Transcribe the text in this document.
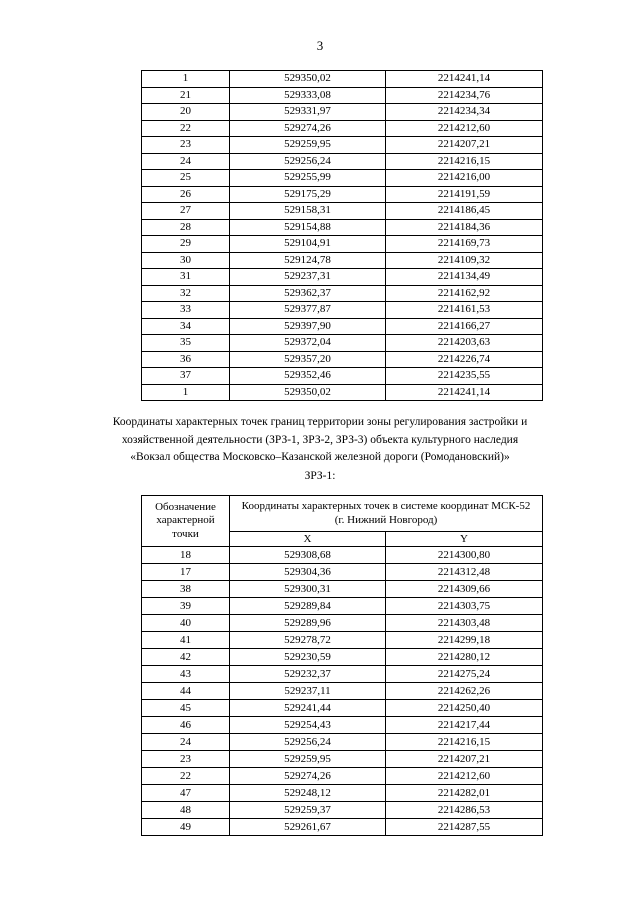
3
1	529350,02	2214241,14
21	529333,08	2214234,76
20	529331,97	2214234,34
22	529274,26	2214212,60
23	529259,95	2214207,21
24	529256,24	2214216,15
25	529255,99	2214216,00
26	529175,29	2214191,59
27	529158,31	2214186,45
28	529154,88	2214184,36
29	529104,91	2214169,73
30	529124,78	2214109,32
31	529237,31	2214134,49
32	529362,37	2214162,92
33	529377,87	2214161,53
34	529397,90	2214166,27
35	529372,04	2214203,63
36	529357,20	2214226,74
37	529352,46	2214235,55
1	529350,02	2214241,14
Координаты характерных точек границ территории зоны регулирования застройки и
хозяйственной деятельности (ЗРЗ-1, ЗРЗ-2, ЗРЗ-3) объекта культурного наследия
«Вокзал общества Московско–Казанской железной дороги (Ромодановский)»
ЗРЗ-1:
Обозначение характерной точки	Координаты характерных точек в системе координат МСК-52 (г. Нижний Новгород)	
	X	Y
18	529308,68	2214300,80
17	529304,36	2214312,48
38	529300,31	2214309,66
39	529289,84	2214303,75
40	529289,96	2214303,48
41	529278,72	2214299,18
42	529230,59	2214280,12
43	529232,37	2214275,24
44	529237,11	2214262,26
45	529241,44	2214250,40
46	529254,43	2214217,44
24	529256,24	2214216,15
23	529259,95	2214207,21
22	529274,26	2214212,60
47	529248,12	2214282,01
48	529259,37	2214286,53
49	529261,67	2214287,55
